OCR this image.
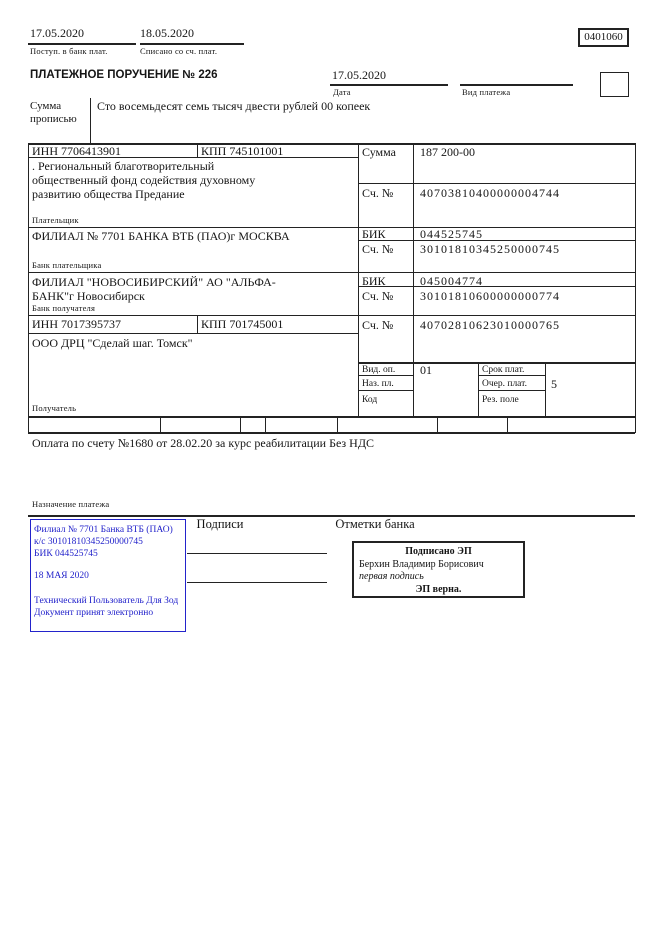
17.05.2020
Поступ. в банк плат.
18.05.2020
Списано со сч. плат.
0401060
ПЛАТЕЖНОЕ ПОРУЧЕНИЕ № 226	17.05.2020
Дата	Вид платежа
Сумма
прописью
Сто восемьдесят семь тысяч двести рублей 00 копеек
ИНН 7706413901	КПП 745101001	Сумма 187 200-00
. Региональный благотворительный общественный фонд содействия духовному развитию общества Предание
Плательщик
Сч. № 40703810400000004744
ФИЛИАЛ № 7701 БАНКА ВТБ (ПАО)г МОСКВА
Банк плательщика
БИК	044525745
Сч. № 30101810345250000745
ФИЛИАЛ "НОВОСИБИРСКИЙ" АО "АЛЬФА-БАНК"г Новосибирск
Банк получателя
БИК	045004774
Сч. № 30101810600000000774
ИНН 7017395737	КПП 701745001	Сч. № 40702810623010000765
ООО ДРЦ "Сделай шаг. Томск"
Получатель
Вид. оп. 01	Срок плат.
Наз. пл.	Очер. плат. 5
Код	Рез. поле
Оплата по счету №1680 от 28.02.20 за курс реабилитации Без НДС
Назначение платежа
Подписи	Отметки банка
Филиал № 7701 Банка ВТБ (ПАО)
к/с 30101810345250000745
БИК 044525745
18 МАЯ 2020
Технический Пользователь Для Зод
Документ принят электронно
Подписано ЭП
Берхин Владимир Борисович
первая подпись
ЭП верна.
